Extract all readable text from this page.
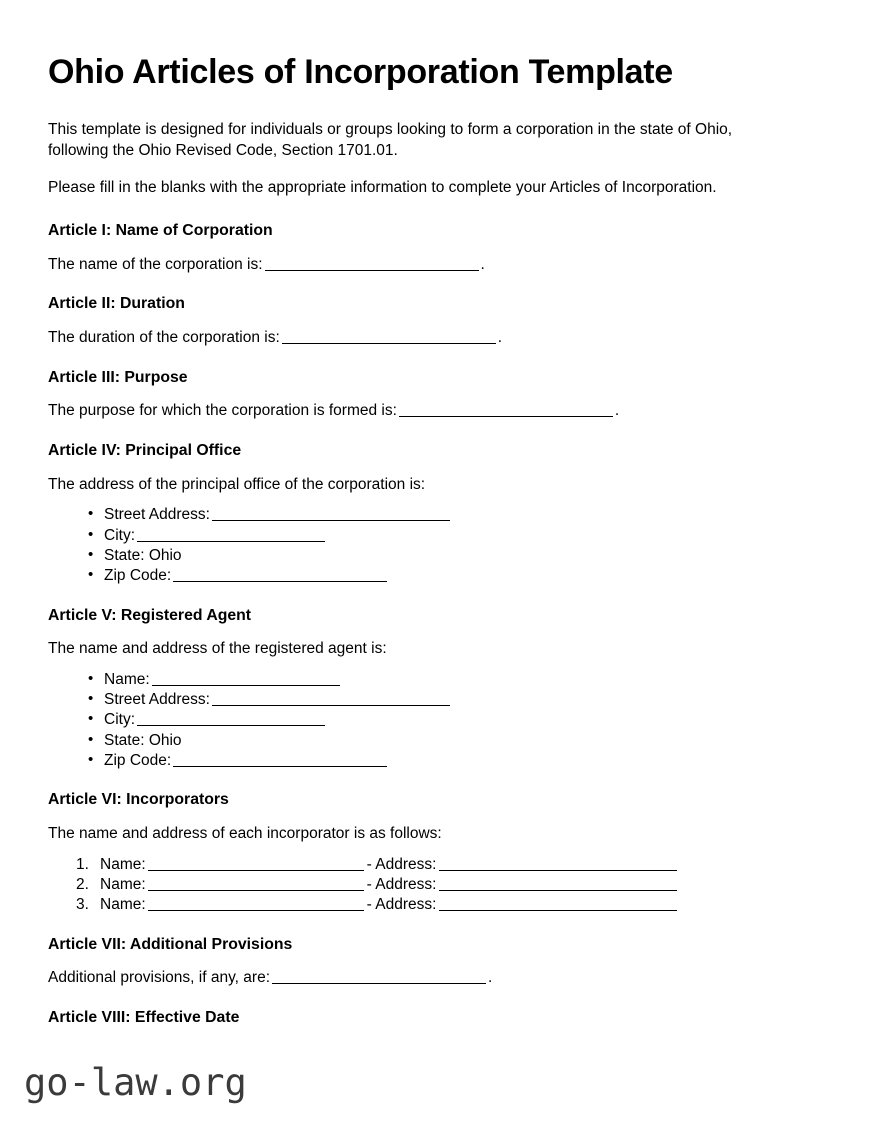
Ohio Articles of Incorporation Template

This template is designed for individuals or groups looking to form a corporation in the state of Ohio, following the Ohio Revised Code, Section 1701.01.

Please fill in the blanks with the appropriate information to complete your Articles of Incorporation.

Article I: Name of Corporation

The name of the corporation is:	.

Article II: Duration

The duration of the corporation is:	.

Article III: Purpose

The purpose for which the corporation is formed is:	.

Article IV: Principal Office

The address of the principal office of the corporation is:

• Street Address:
• City:
• State: Ohio
• Zip Code:
Article V: Registered Agent

The name and address of the registered agent is:

• Name:
• Street Address:
• City:
• State: Ohio
• Zip Code:
Article VI: Incorporators

The name and address of each incorporator is as follows:

Name:	- Address:
Name:	- Address:
Name:	- Address:
Article VII: Additional Provisions

Additional provisions, if any, are:	.

Article VIII: Effective Date
go-law.org
